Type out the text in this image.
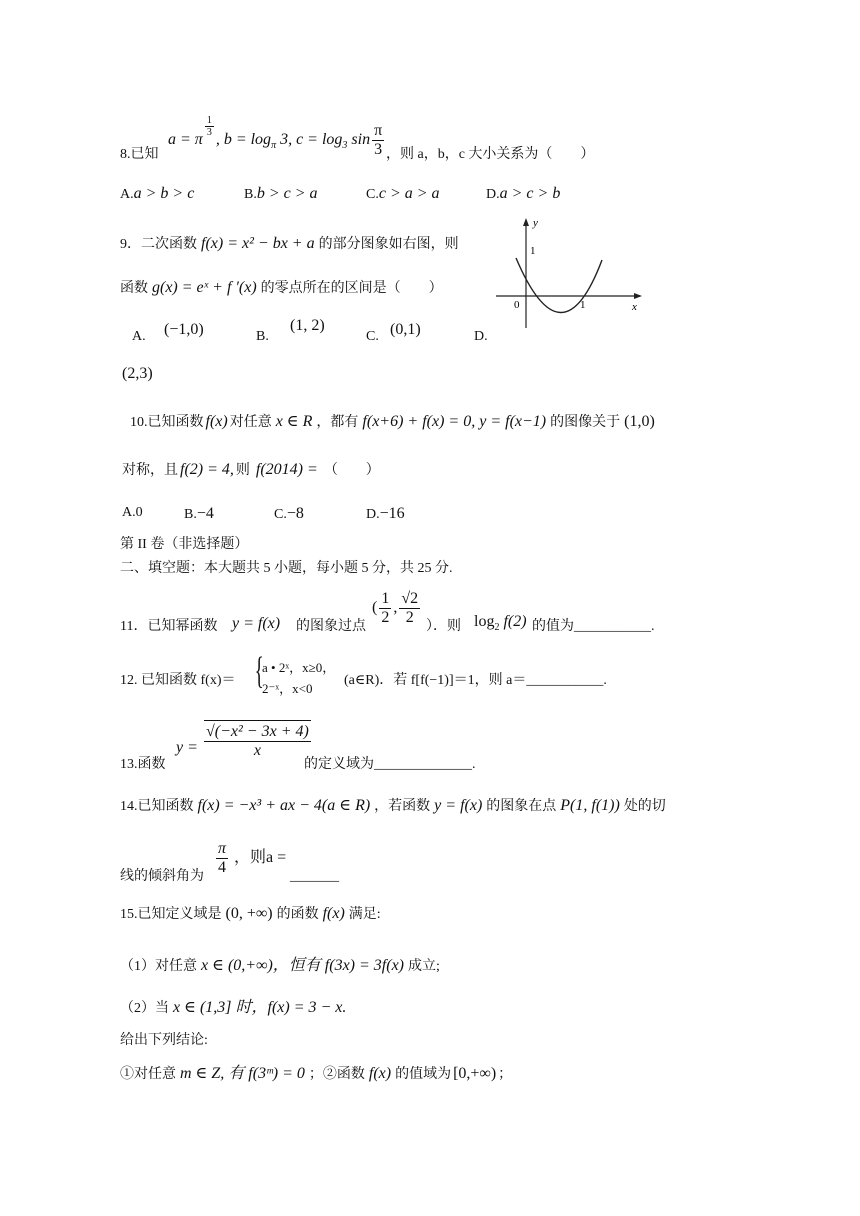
8.已知
a = π
$^{\frac{1}{3}}$
, $b = \log_\pi 3$, $c = \log_3 \sin \frac{\pi}{3}$ ，则 a，b，c 大小关系为（　　）
A.a > b > c	B.b > c > a	C.c > a > a	D.a > c > b
9．二次函数 f(x) = x² − bx + a 的部分图象如右图，则
函数 g(x) = eˣ + f ′(x) 的零点所在的区间是（　　）
A. (−1,0)	B.
(1, 2)
C. (0,1)	D.
(2,3)
y
x
1
0	1
10.已知函数 f(x) 对任意 x ∈ R ，都有 f(x+6) + f(x) = 0, y = f(x−1) 的图像关于 (1,0)
对称，且 f(2) = 4, 则 f(2014) = （　　）
A.0	B.−4	C.−8	D.−16
第 II 卷（非选择题）
二、填空题：本大题共 5 小题，每小题 5 分，共 25 分.
11．已知幂函数 y = f(x) 的图象过点
( $\frac{1}{2}$ , $\frac{√2}{2}$
）．则 $\log_2 f(2)$ 的值为___________.
12. 已知函数 f(x)＝ {
a • 2ˣ，x≥0，
2⁻ˣ，x<0
(a∈R)．若 f[f(−1)]＝1，则 a＝___________.
13.函数
$y = \frac{\text{√(−x² − 3x + 4)}}{x}$
的定义域为______________.
14.已知函数 f(x) = −x³ + ax − 4(a ∈ R) ，若函数 y = f(x) 的图象在点 P(1, f(1)) 处的切
线的倾斜角为
$\frac{\pi}{4}$ ，则a =
_______
15.已知定义域是 (0, +∞) 的函数 f(x) 满足:
（1）对任意 x ∈ (0,+∞)，恒有 f(3x) = 3f(x) 成立;
（2）当 x ∈ (1,3] 时，f(x) = 3 − x.
给出下列结论:
①对任意 m ∈ Z, 有 f(3ᵐ) = 0 ；②函数 f(x) 的值域为 [0,+∞) ；
